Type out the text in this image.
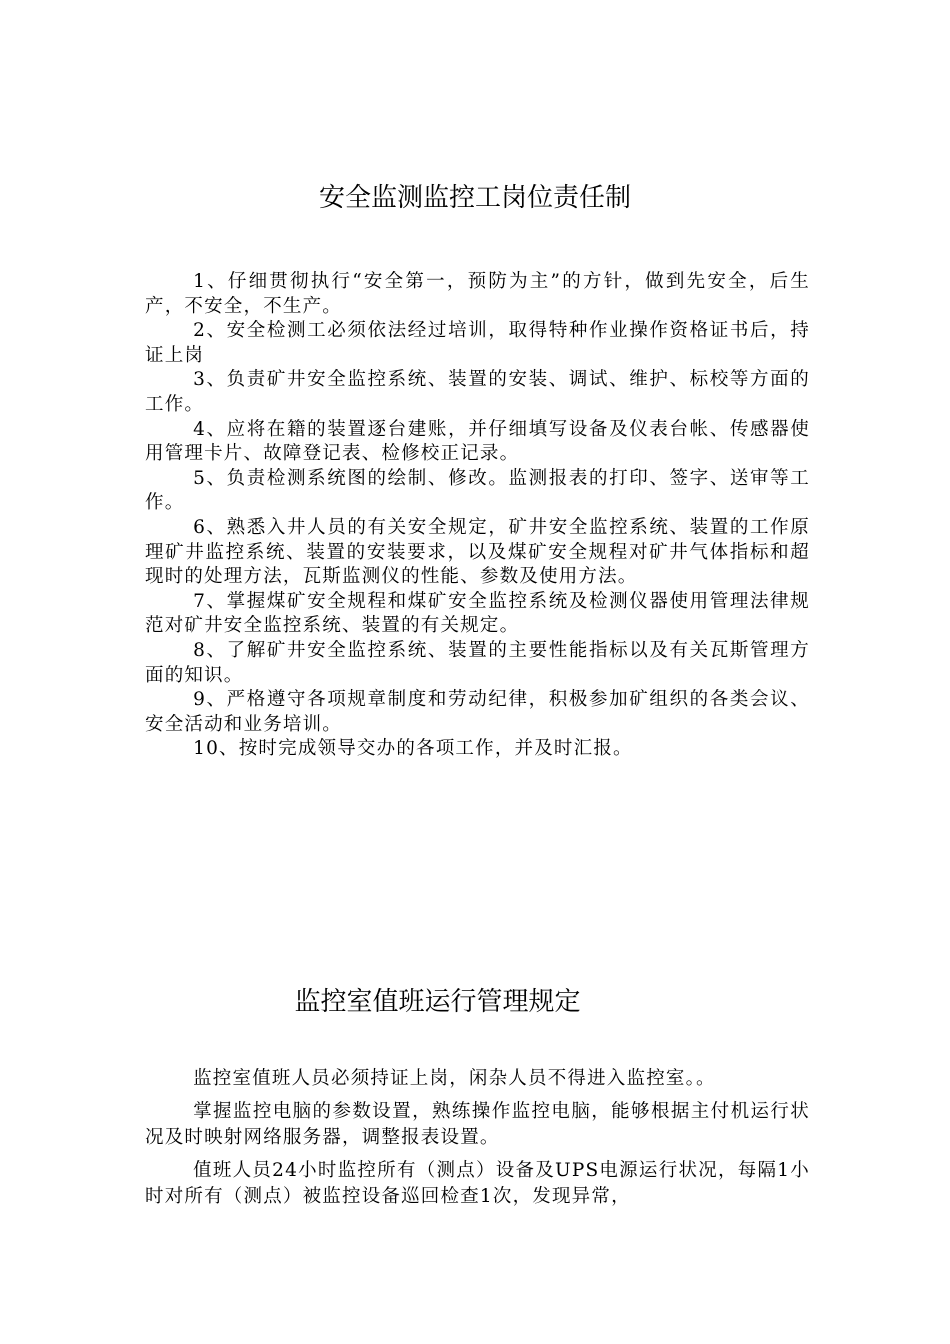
安全监测监控工岗位责任制

1、仔细贯彻执行“安全第一，预防为主”的方针，做到先安全，后生产，不安全，不生产。

2、安全检测工必须依法经过培训，取得特种作业操作资格证书后，持证上岗

3、负责矿井安全监控系统、装置的安装、调试、维护、标校等方面的工作。

4、应将在籍的装置逐台建账，并仔细填写设备及仪表台帐、传感器使用管理卡片、故障登记表、检修校正记录。

5、负责检测系统图的绘制、修改。监测报表的打印、签字、送审等工作。

6、熟悉入井人员的有关安全规定，矿井安全监控系统、装置的工作原理矿井监控系统、装置的安装要求，以及煤矿安全规程对矿井气体指标和超现时的处理方法，瓦斯监测仪的性能、参数及使用方法。

7、掌握煤矿安全规程和煤矿安全监控系统及检测仪器使用管理法律规范对矿井安全监控系统、装置的有关规定。

8、了解矿井安全监控系统、装置的主要性能指标以及有关瓦斯管理方面的知识。

9、严格遵守各项规章制度和劳动纪律，积极参加矿组织的各类会议、安全活动和业务培训。

10、按时完成领导交办的各项工作，并及时汇报。

监控室值班运行管理规定

监控室值班人员必须持证上岗，闲杂人员不得进入监控室。。

掌握监控电脑的参数设置，熟练操作监控电脑，能够根据主付机运行状况及时映射网络服务器，调整报表设置。

值班人员24小时监控所有（测点）设备及UPS电源运行状况，每隔1小时对所有（测点）被监控设备巡回检查1次，发现异常，
